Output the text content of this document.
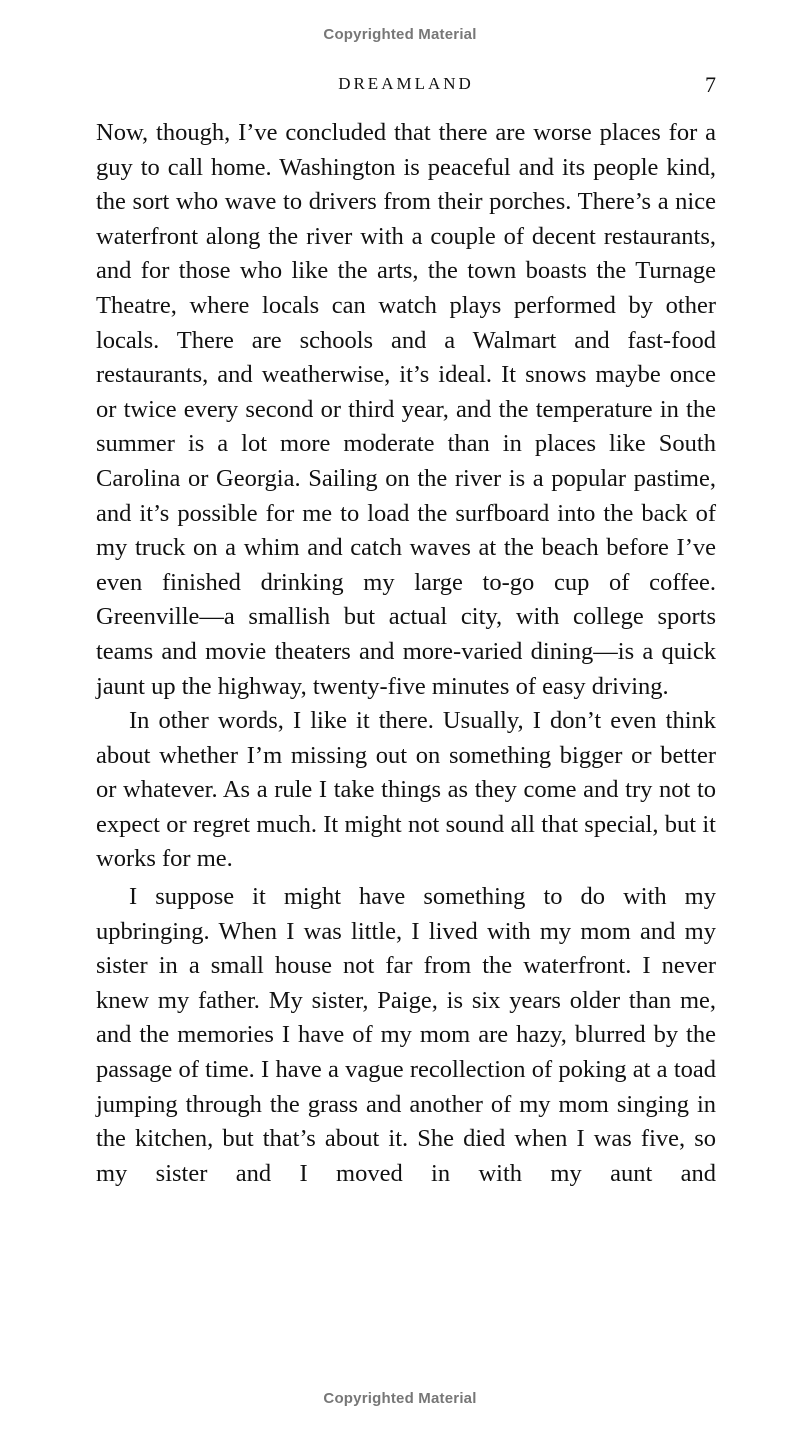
Copyrighted Material
DREAMLAND	7

Now, though, I’ve concluded that there are worse places for a guy to call home. Washington is peaceful and its people kind, the sort who wave to drivers from their porches. There’s a nice waterfront along the river with a couple of decent restaurants, and for those who like the arts, the town boasts the Turnage Theatre, where locals can watch plays performed by other locals. There are schools and a Walmart and fast-food restaurants, and weatherwise, it’s ideal. It snows maybe once or twice every second or third year, and the temperature in the summer is a lot more moderate than in places like South Carolina or Georgia. Sailing on the river is a popular pastime, and it’s possible for me to load the surfboard into the back of my truck on a whim and catch waves at the beach before I’ve even finished drinking my large to-go cup of coffee. Greenville—a smallish but actual city, with college sports teams and movie theaters and more-varied dining—is a quick jaunt up the highway, twenty-five minutes of easy driving.

In other words, I like it there. Usually, I don’t even think about whether I’m missing out on something bigger or better or whatever. As a rule I take things as they come and try not to expect or regret much. It might not sound all that special, but it works for me.

I suppose it might have something to do with my upbringing. When I was little, I lived with my mom and my sister in a small house not far from the waterfront. I never knew my father. My sister, Paige, is six years older than me, and the memories I have of my mom are hazy, blurred by the passage of time. I have a vague recollection of poking at a toad jumping through the grass and another of my mom singing in the kitchen, but that’s about it. She died when I was five, so my sister and I moved in with my aunt and

Copyrighted Material
